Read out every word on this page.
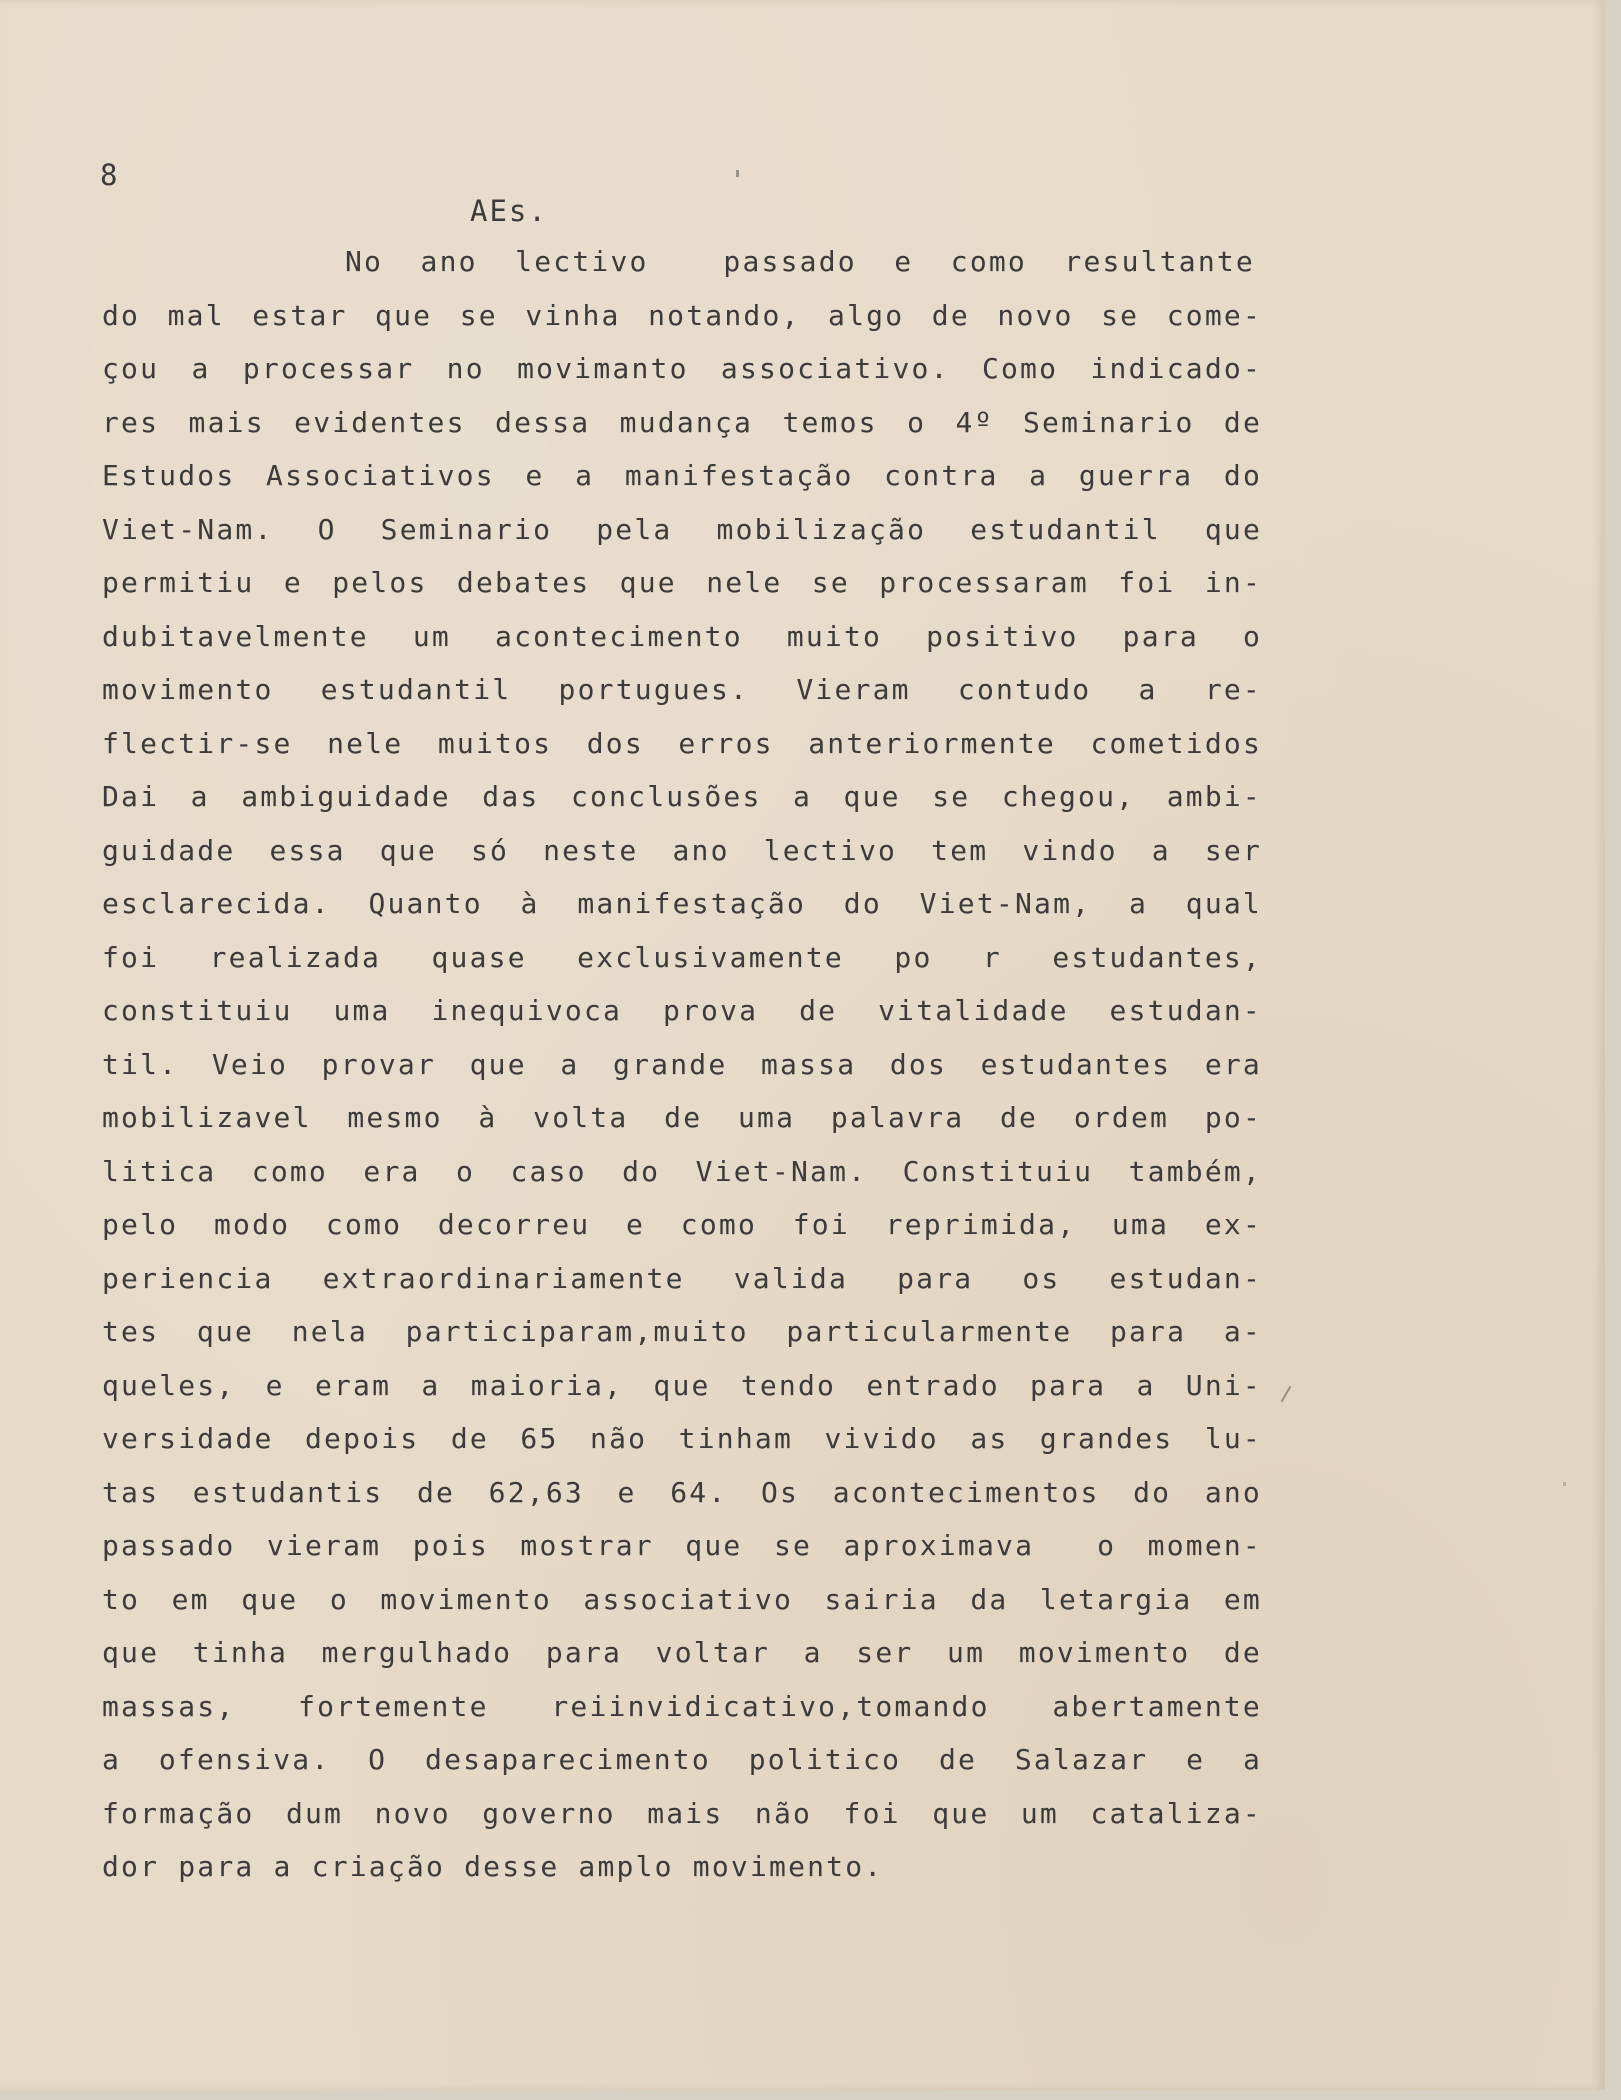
8
AEs.
No ano lectivo  passado e como resultante
do mal estar que se vinha notando, algo de novo se come-
çou a processar no movimanto associativo. Como indicado-
res mais evidentes dessa mudança temos o 4º Seminario de
Estudos Associativos e a manifestação contra a guerra do
Viet-Nam. O Seminario pela mobilização estudantil que
permitiu e pelos debates que nele se processaram foi in-
dubitavelmente um acontecimento muito positivo para o
movimento estudantil portugues. Vieram contudo a re-
flectir-se nele muitos dos erros anteriormente cometidos
Dai a ambiguidade das conclusões a que se chegou, ambi-
guidade essa que só neste ano lectivo tem vindo a ser
esclarecida. Quanto à manifestação do Viet-Nam, a qual
foi realizada quase exclusivamente po r estudantes,
constituiu uma inequivoca prova de vitalidade estudan-
til. Veio provar que a grande massa dos estudantes era
mobilizavel mesmo à volta de uma palavra de ordem po-
litica como era o caso do Viet-Nam. Constituiu também,
pelo modo como decorreu e como foi reprimida, uma ex-
periencia extraordinariamente valida para os estudan-
tes que nela participaram,muito particularmente para a-
queles, e eram a maioria, que tendo entrado para a Uni-
versidade depois de 65 não tinham vivido as grandes lu-
tas estudantis de 62,63 e 64. Os acontecimentos do ano
passado vieram pois mostrar que se aproximava  o momen-
to em que o movimento associativo sairia da letargia em
que tinha mergulhado para voltar a ser um movimento de
massas, fortemente reiinvidicativo,tomando abertamente
a ofensiva. O desaparecimento politico de Salazar e a
formação dum novo governo mais não foi que um cataliza-
dor para a criação desse amplo movimento.
